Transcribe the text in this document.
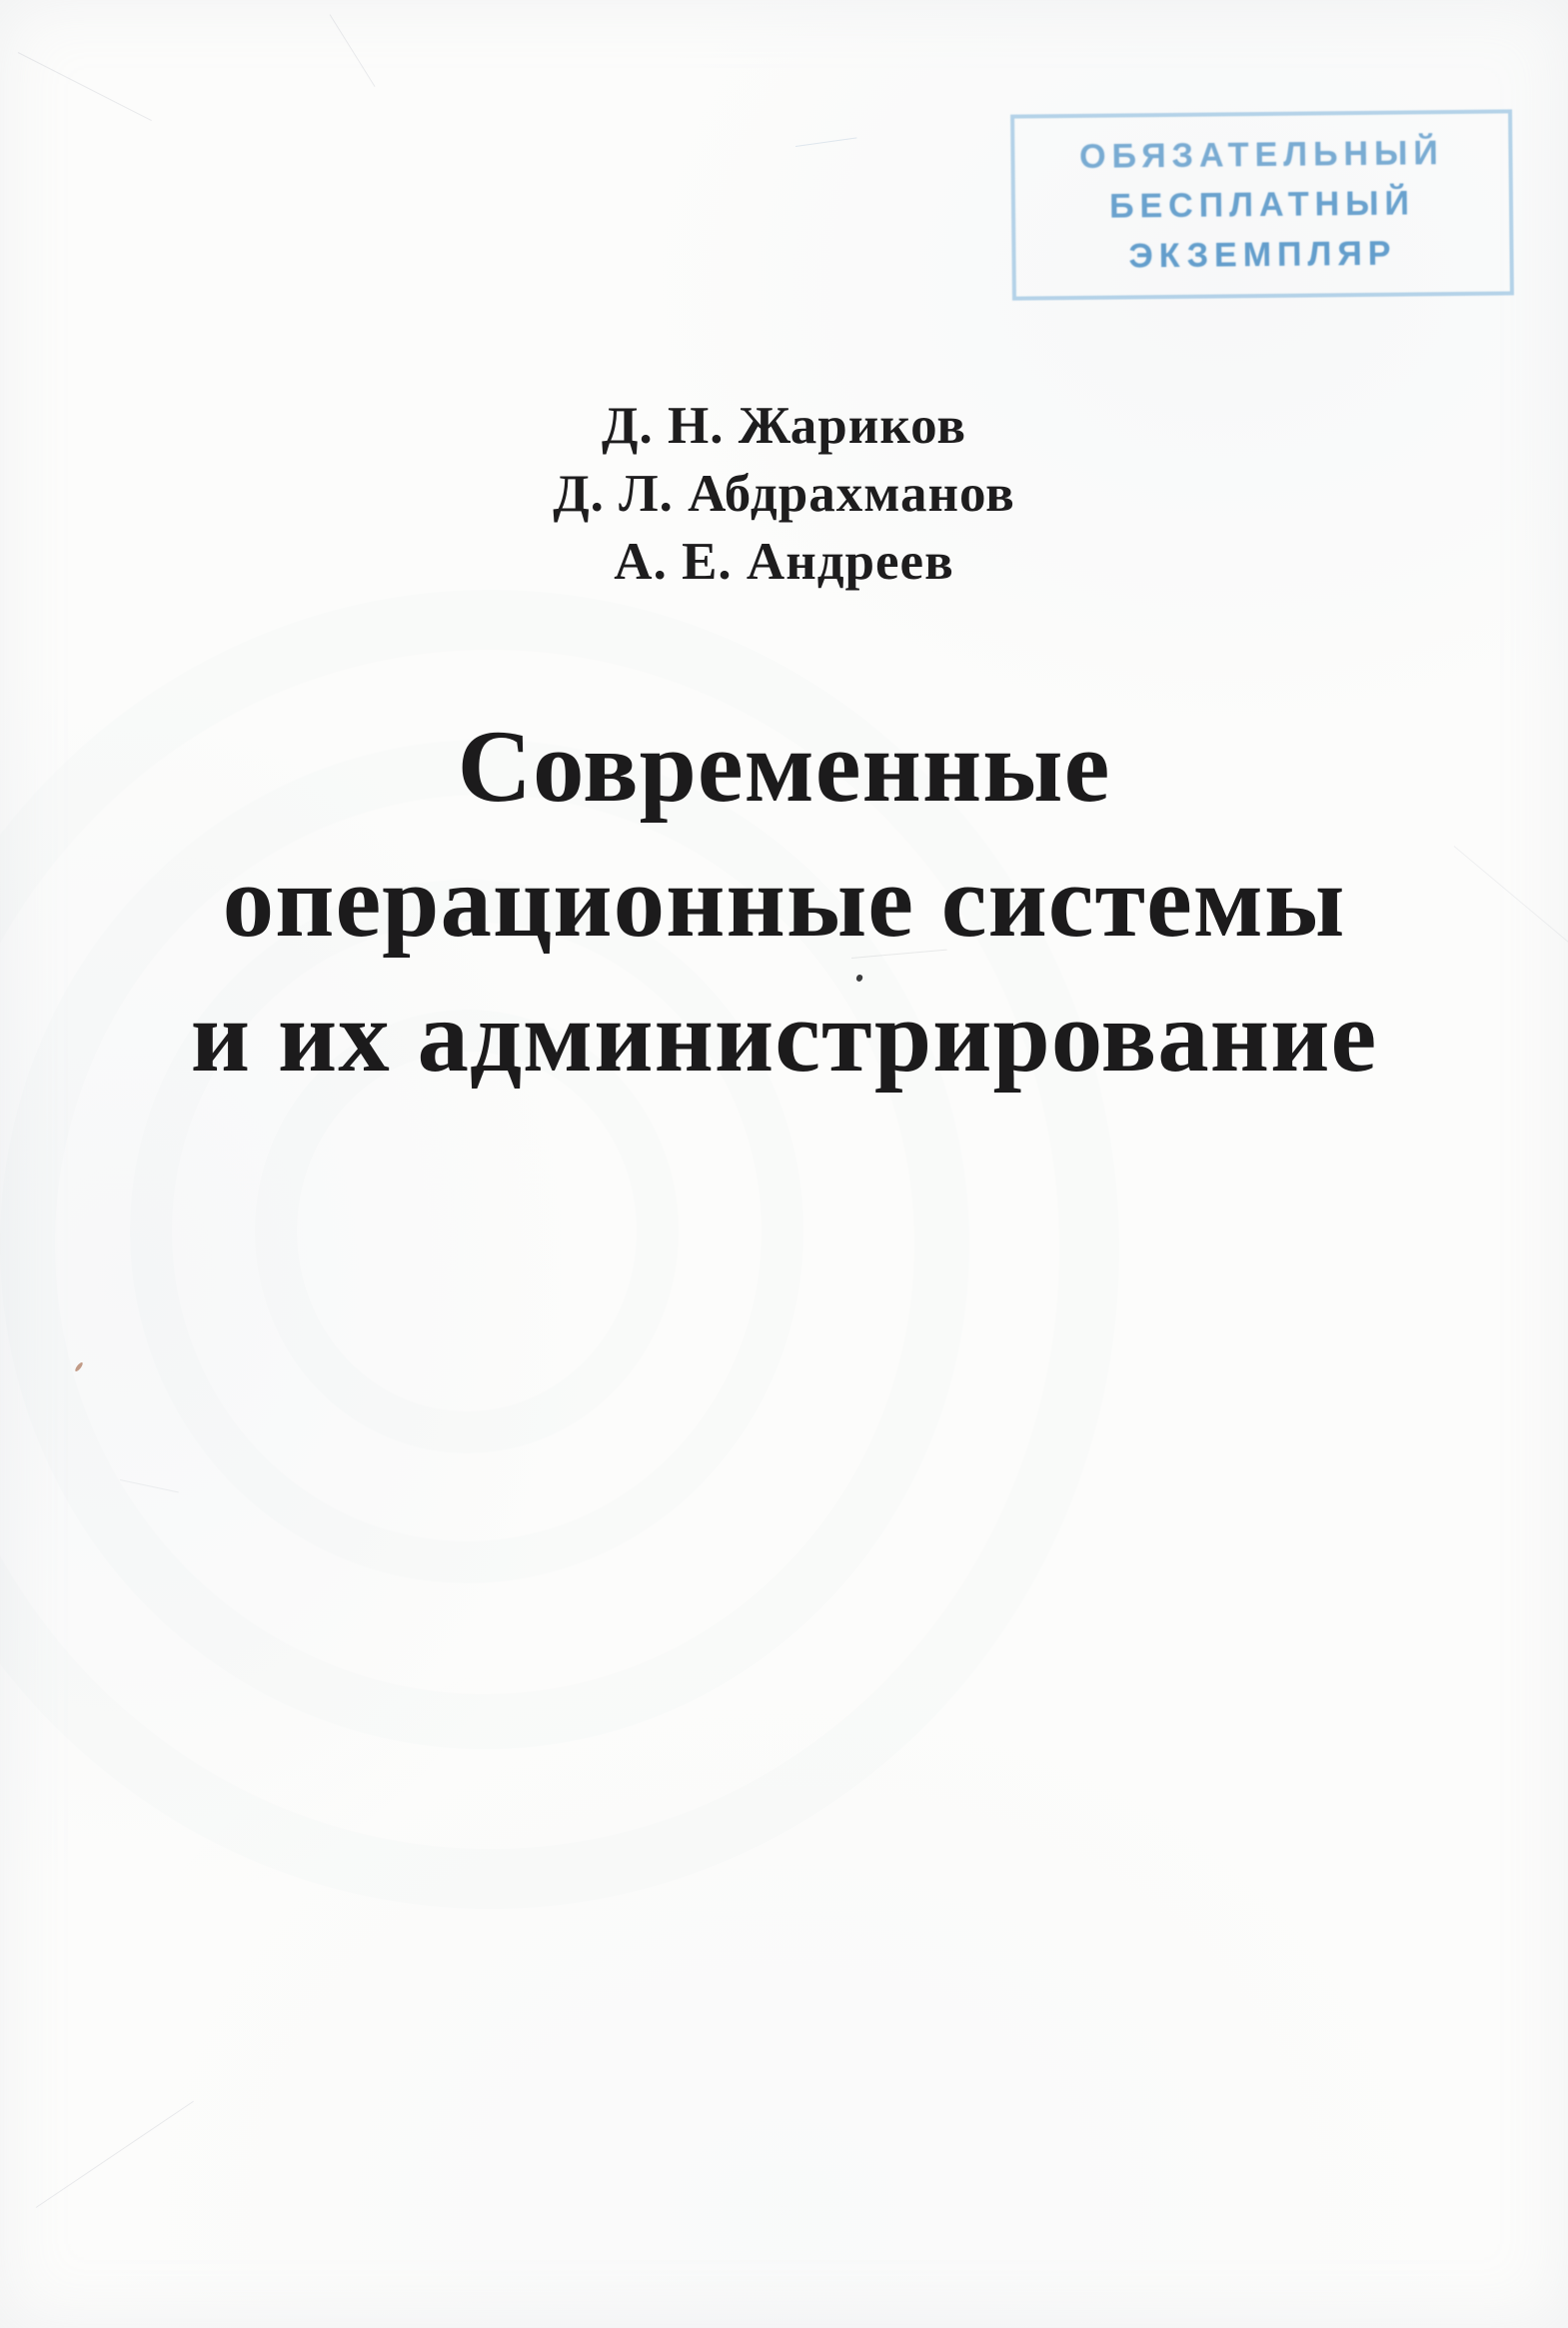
ОБЯЗАТЕЛЬНЫЙ
БЕСПЛАТНЫЙ
ЭКЗЕМПЛЯР
Д. Н. Жариков
Д. Л. Абдрахманов
А. Е. Андреев
Современные
операционные системы
и их администрирование
